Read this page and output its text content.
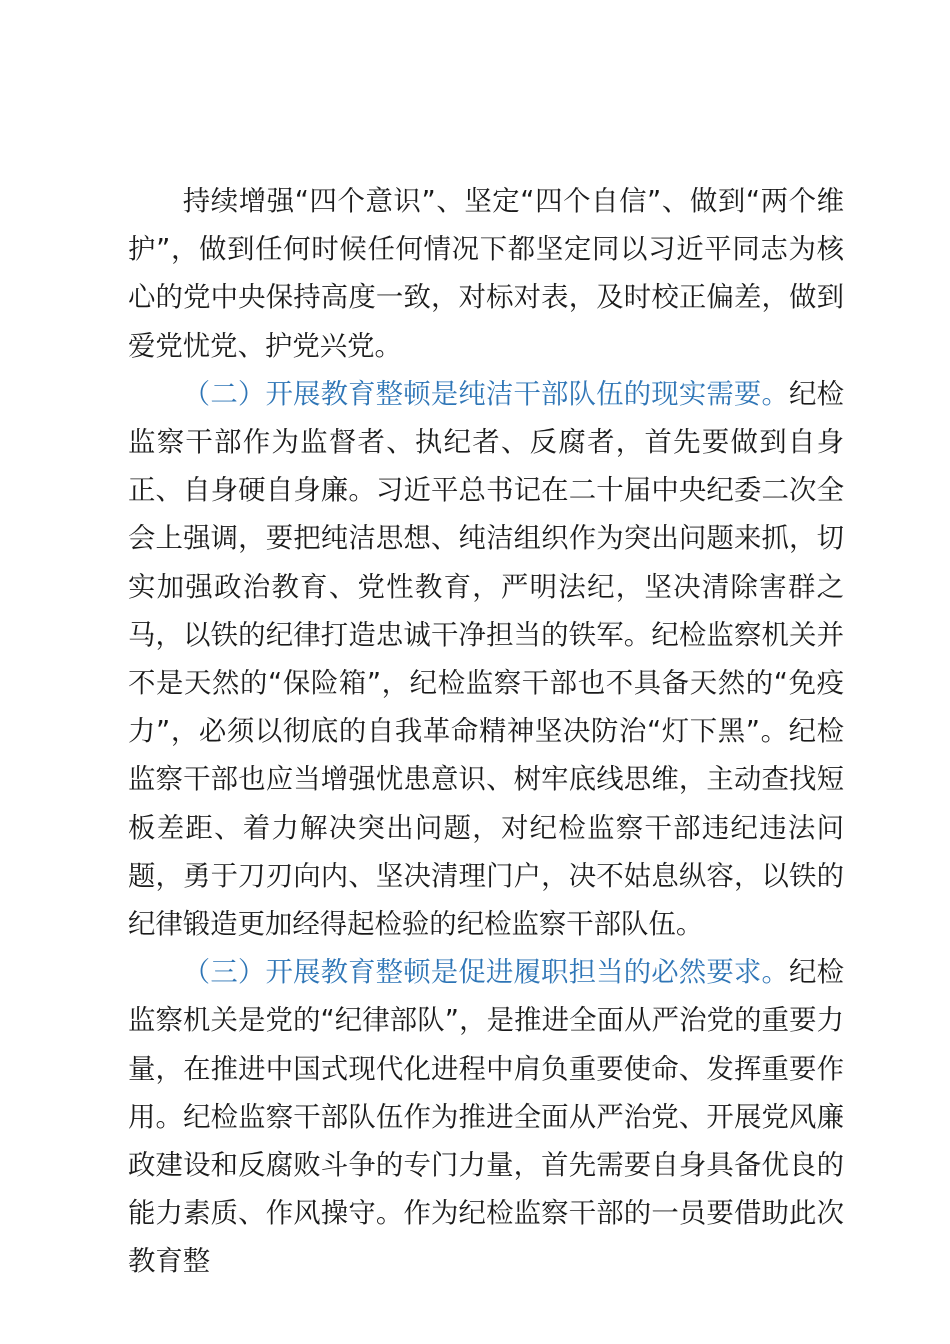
持续增强“四个意识”、坚定“四个自信”、做到“两个维护”，做到任何时候任何情况下都坚定同以习近平同志为核心的党中央保持高度一致，对标对表，及时校正偏差，做到爱党忧党、护党兴党。

（二）开展教育整顿是纯洁干部队伍的现实需要。纪检监察干部作为监督者、执纪者、反腐者，首先要做到自身正、自身硬自身廉。习近平总书记在二十届中央纪委二次全会上强调，要把纯洁思想、纯洁组织作为突出问题来抓，切实加强政治教育、党性教育，严明法纪，坚决清除害群之马，以铁的纪律打造忠诚干净担当的铁军。纪检监察机关并不是天然的“保险箱”，纪检监察干部也不具备天然的“免疫力”，必须以彻底的自我革命精神坚决防治“灯下黑”。纪检监察干部也应当增强忧患意识、树牢底线思维，主动查找短板差距、着力解决突出问题，对纪检监察干部违纪违法问题，勇于刀刃向内、坚决清理门户，决不姑息纵容，以铁的纪律锻造更加经得起检验的纪检监察干部队伍。

（三）开展教育整顿是促进履职担当的必然要求。纪检监察机关是党的“纪律部队”，是推进全面从严治党的重要力量，在推进中国式现代化进程中肩负重要使命、发挥重要作用。纪检监察干部队伍作为推进全面从严治党、开展党风廉政建设和反腐败斗争的专门力量，首先需要自身具备优良的能力素质、作风操守。作为纪检监察干部的一员要借助此次教育整
